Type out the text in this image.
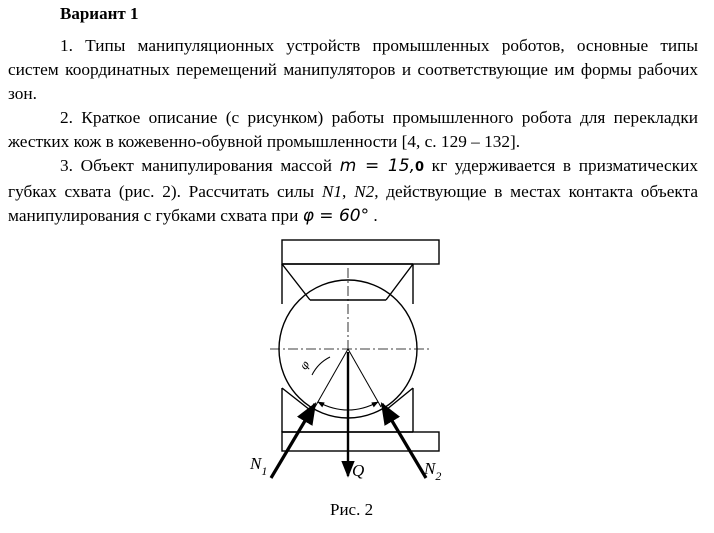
Вариант 1
1. Типы манипуляционных устройств промышленных роботов, основные типы систем координатных перемещений манипуляторов и соответствующие им формы рабочих зон.
2. Краткое описание (с рисунком) работы промышленного робота для перекладки жестких кож в кожевенно-обувной промышленности [4, с. 129 – 132].
3. Объект манипулирования массой m = 15,0 кг удерживается в призматических губках схвата (рис. 2). Рассчитать силы N1, N2, действующие в местах контакта объекта манипулирования с губками схвата при φ = 60° .
φ
$N_1$	Q	$N_2$
Рис. 2
